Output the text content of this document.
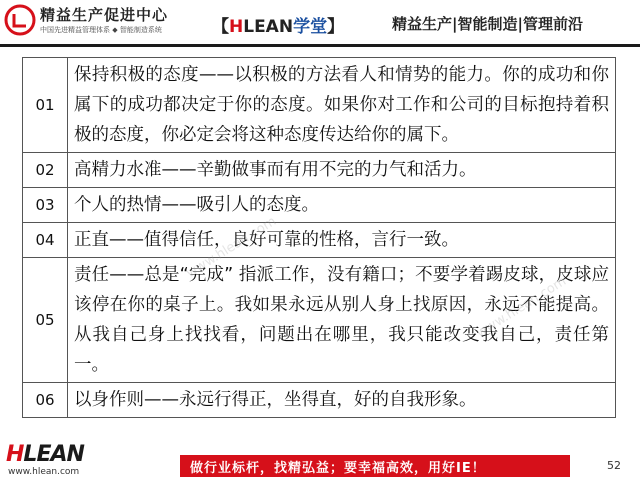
精益生产促进中心
中国先进精益管理体系 ◆ 智能制造系统	【HLEAN学堂】	精益生产|智能制造|管理前沿
01	保持积极的态度——以积极的方法看人和情势的能力。你的成功和你属下的成功都决定于你的态度。如果你对工作和公司的目标抱持着积极的态度，你必定会将这种态度传达给你的属下。
02	高精力水准——辛勤做事而有用不完的力气和活力。
03	个人的热情——吸引人的态度。
04	正直——值得信任，良好可靠的性格，言行一致。
05	责任——总是“完成” 指派工作，没有籍口；不要学着踢皮球，皮球应该停在你的桌子上。我如果永远从别人身上找原因，永远不能提高。从我自己身上找找看，问题出在哪里，我只能改变我自己，责任第一。
06	以身作则——永远行得正，坐得直，好的自我形象。
www.hlean.com
www.hlean.com
HLEAN
www.hlean.com	做行业标杆，找精弘益；要幸福高效，用好IE！	52
